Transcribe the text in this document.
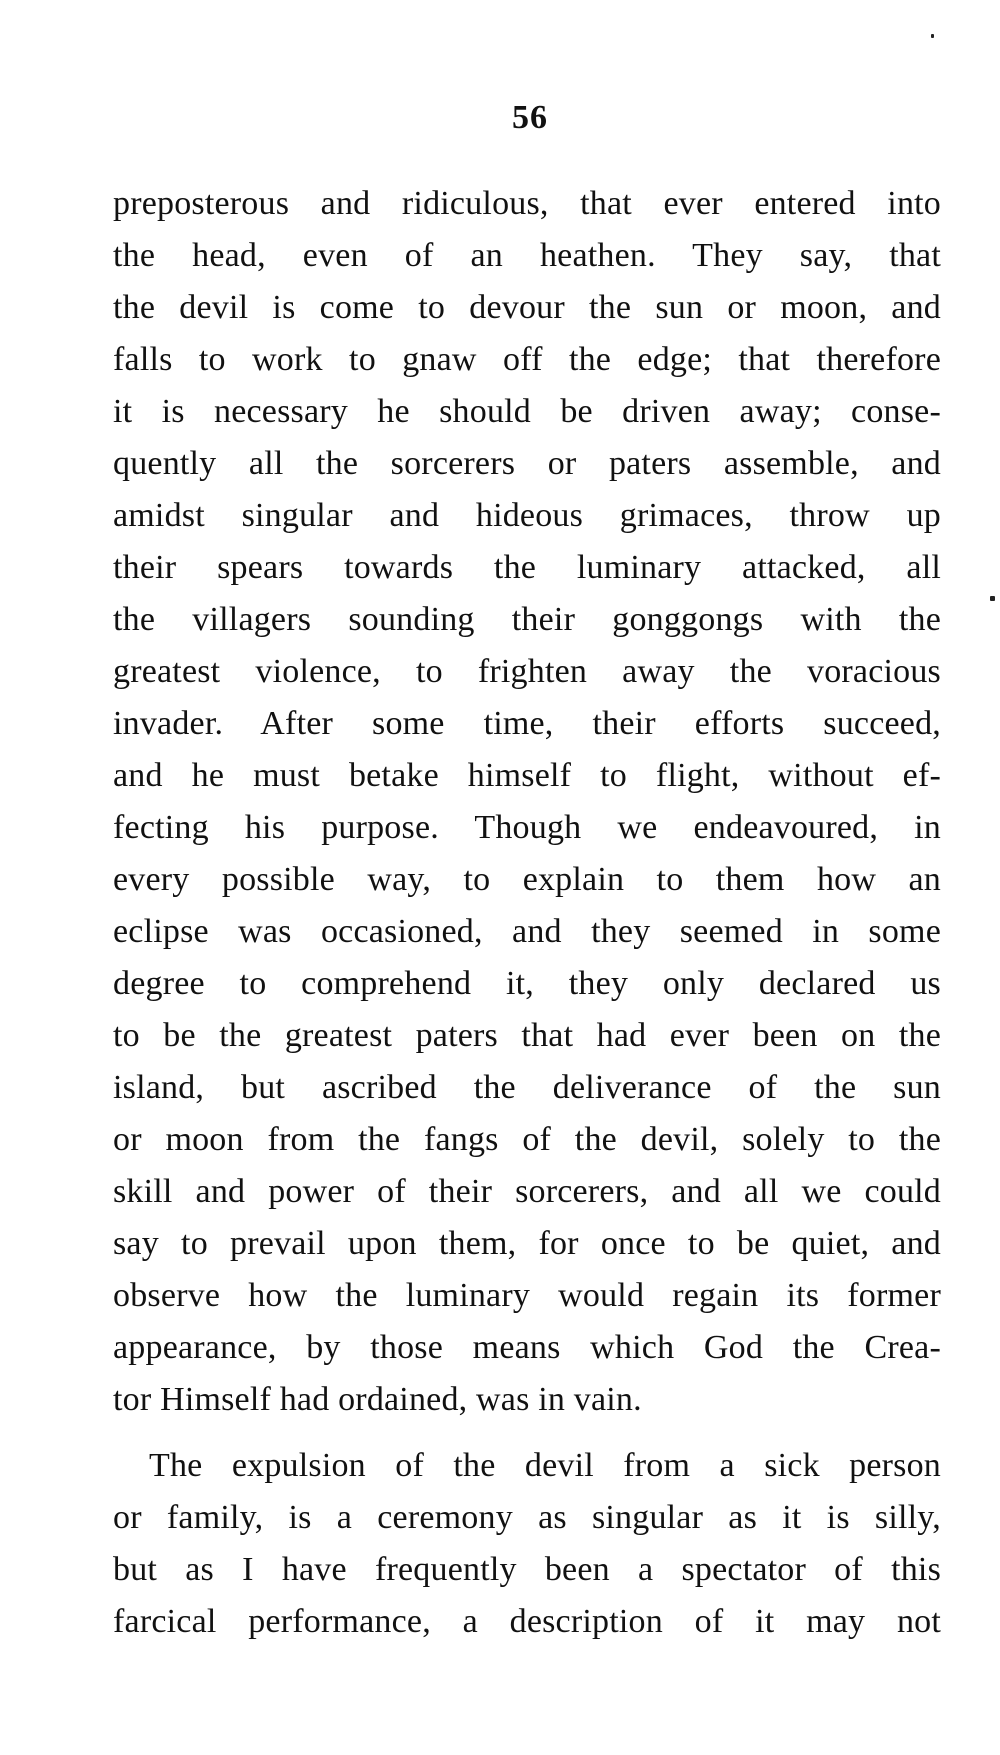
56
preposterous and ridiculous, that ever entered into
the head, even of an heathen. They say, that
the devil is come to devour the sun or moon, and
falls to work to gnaw off the edge; that therefore
it is necessary he should be driven away; conse-
quently all the sorcerers or paters assemble, and
amidst singular and hideous grimaces, throw up
their spears towards the luminary attacked, all
the villagers sounding their gonggongs with the
greatest violence, to frighten away the voracious
invader. After some time, their efforts succeed,
and he must betake himself to flight, without ef-
fecting his purpose. Though we endeavoured, in
every possible way, to explain to them how an
eclipse was occasioned, and they seemed in some
degree to comprehend it, they only declared us
to be the greatest paters that had ever been on the
island, but ascribed the deliverance of the sun
or moon from the fangs of the devil, solely to the
skill and power of their sorcerers, and all we could
say to prevail upon them, for once to be quiet, and
observe how the luminary would regain its former
appearance, by those means which God the Crea-
tor Himself had ordained, was in vain.
The expulsion of the devil from a sick person
or family, is a ceremony as singular as it is silly,
but as I have frequently been a spectator of this
farcical performance, a description of it may not
